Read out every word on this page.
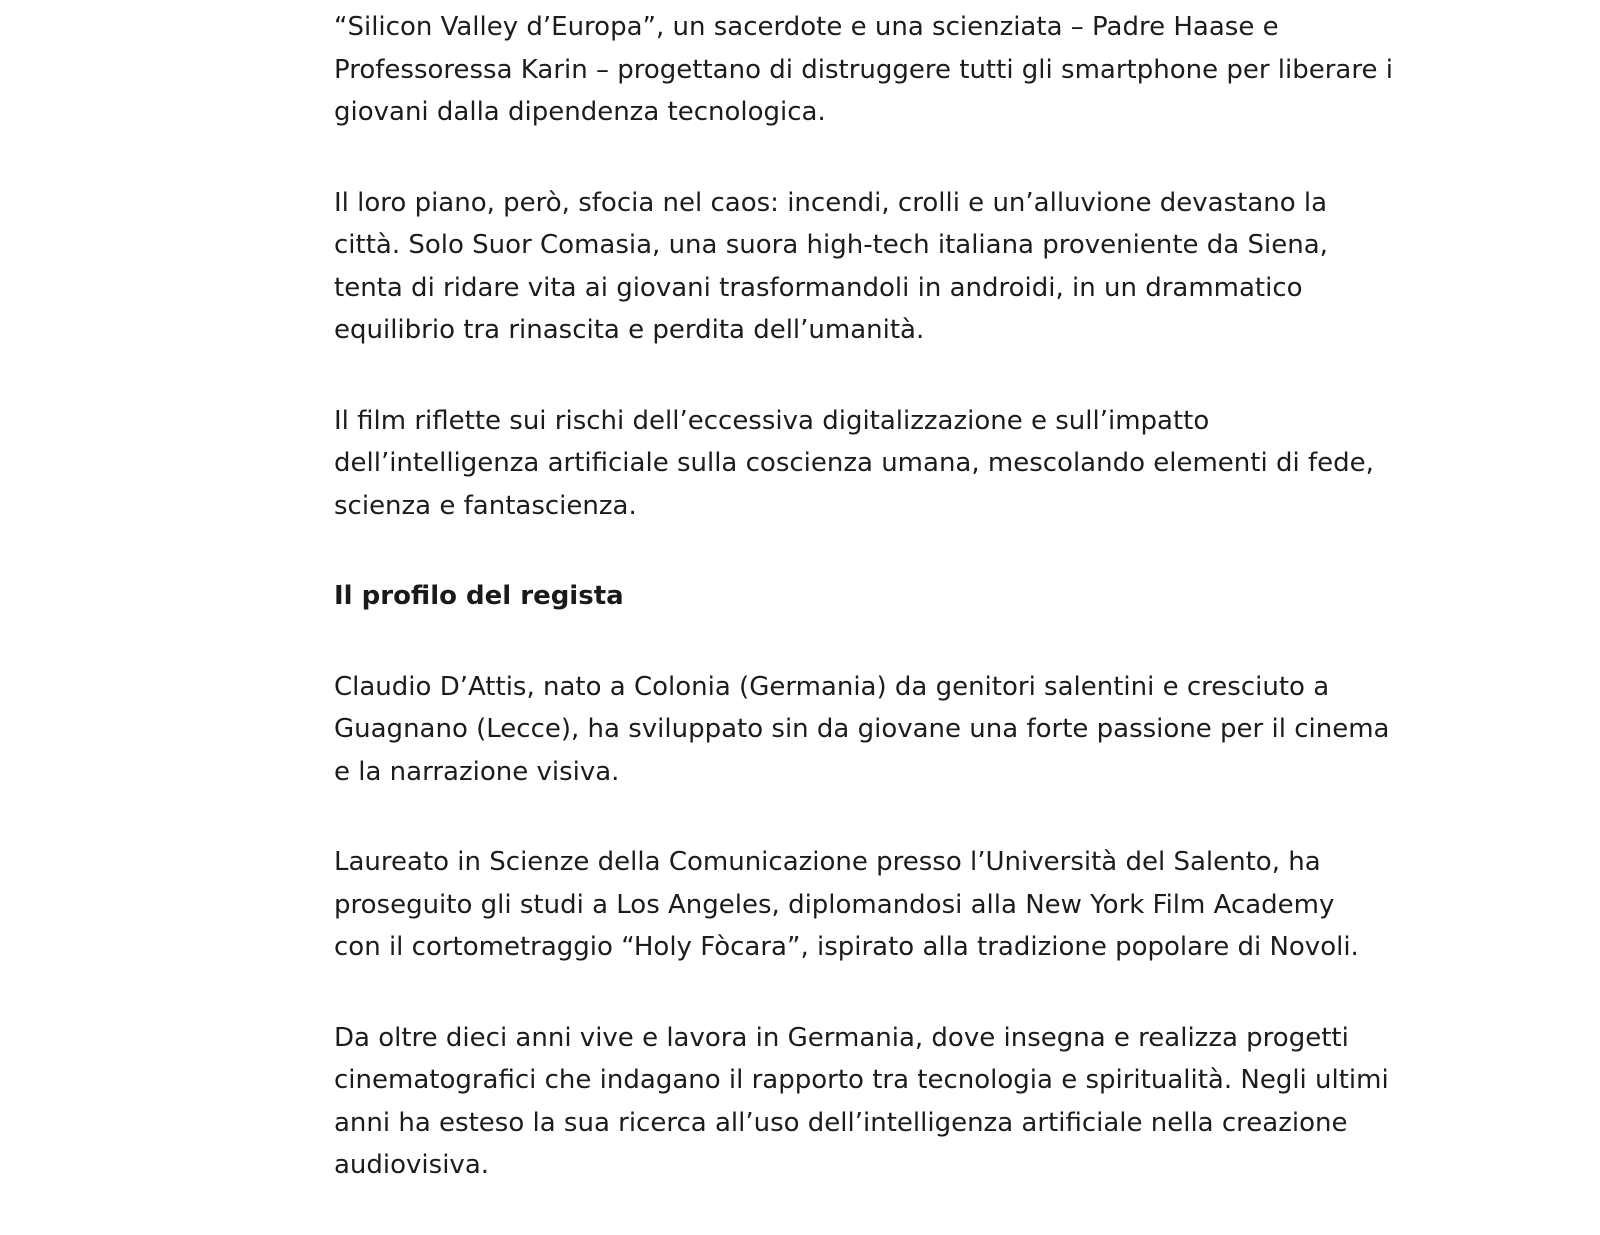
“Silicon Valley d’Europa”, un sacerdote e una scienziata – Padre Haase e
Professoressa Karin – progettano di distruggere tutti gli smartphone per liberare i
giovani dalla dipendenza tecnologica.

Il loro piano, però, sfocia nel caos: incendi, crolli e un’alluvione devastano la
città. Solo Suor Comasia, una suora high-tech italiana proveniente da Siena,
tenta di ridare vita ai giovani trasformandoli in androidi, in un drammatico
equilibrio tra rinascita e perdita dell’umanità.

Il film riflette sui rischi dell’eccessiva digitalizzazione e sull’impatto
dell’intelligenza artificiale sulla coscienza umana, mescolando elementi di fede,
scienza e fantascienza.

Il profilo del regista

Claudio D’Attis, nato a Colonia (Germania) da genitori salentini e cresciuto a
Guagnano (Lecce), ha sviluppato sin da giovane una forte passione per il cinema
e la narrazione visiva.

Laureato in Scienze della Comunicazione presso l’Università del Salento, ha
proseguito gli studi a Los Angeles, diplomandosi alla New York Film Academy
con il cortometraggio “Holy Fòcara”, ispirato alla tradizione popolare di Novoli.

Da oltre dieci anni vive e lavora in Germania, dove insegna e realizza progetti
cinematografici che indagano il rapporto tra tecnologia e spiritualità. Negli ultimi
anni ha esteso la sua ricerca all’uso dell’intelligenza artificiale nella creazione
audiovisiva.
